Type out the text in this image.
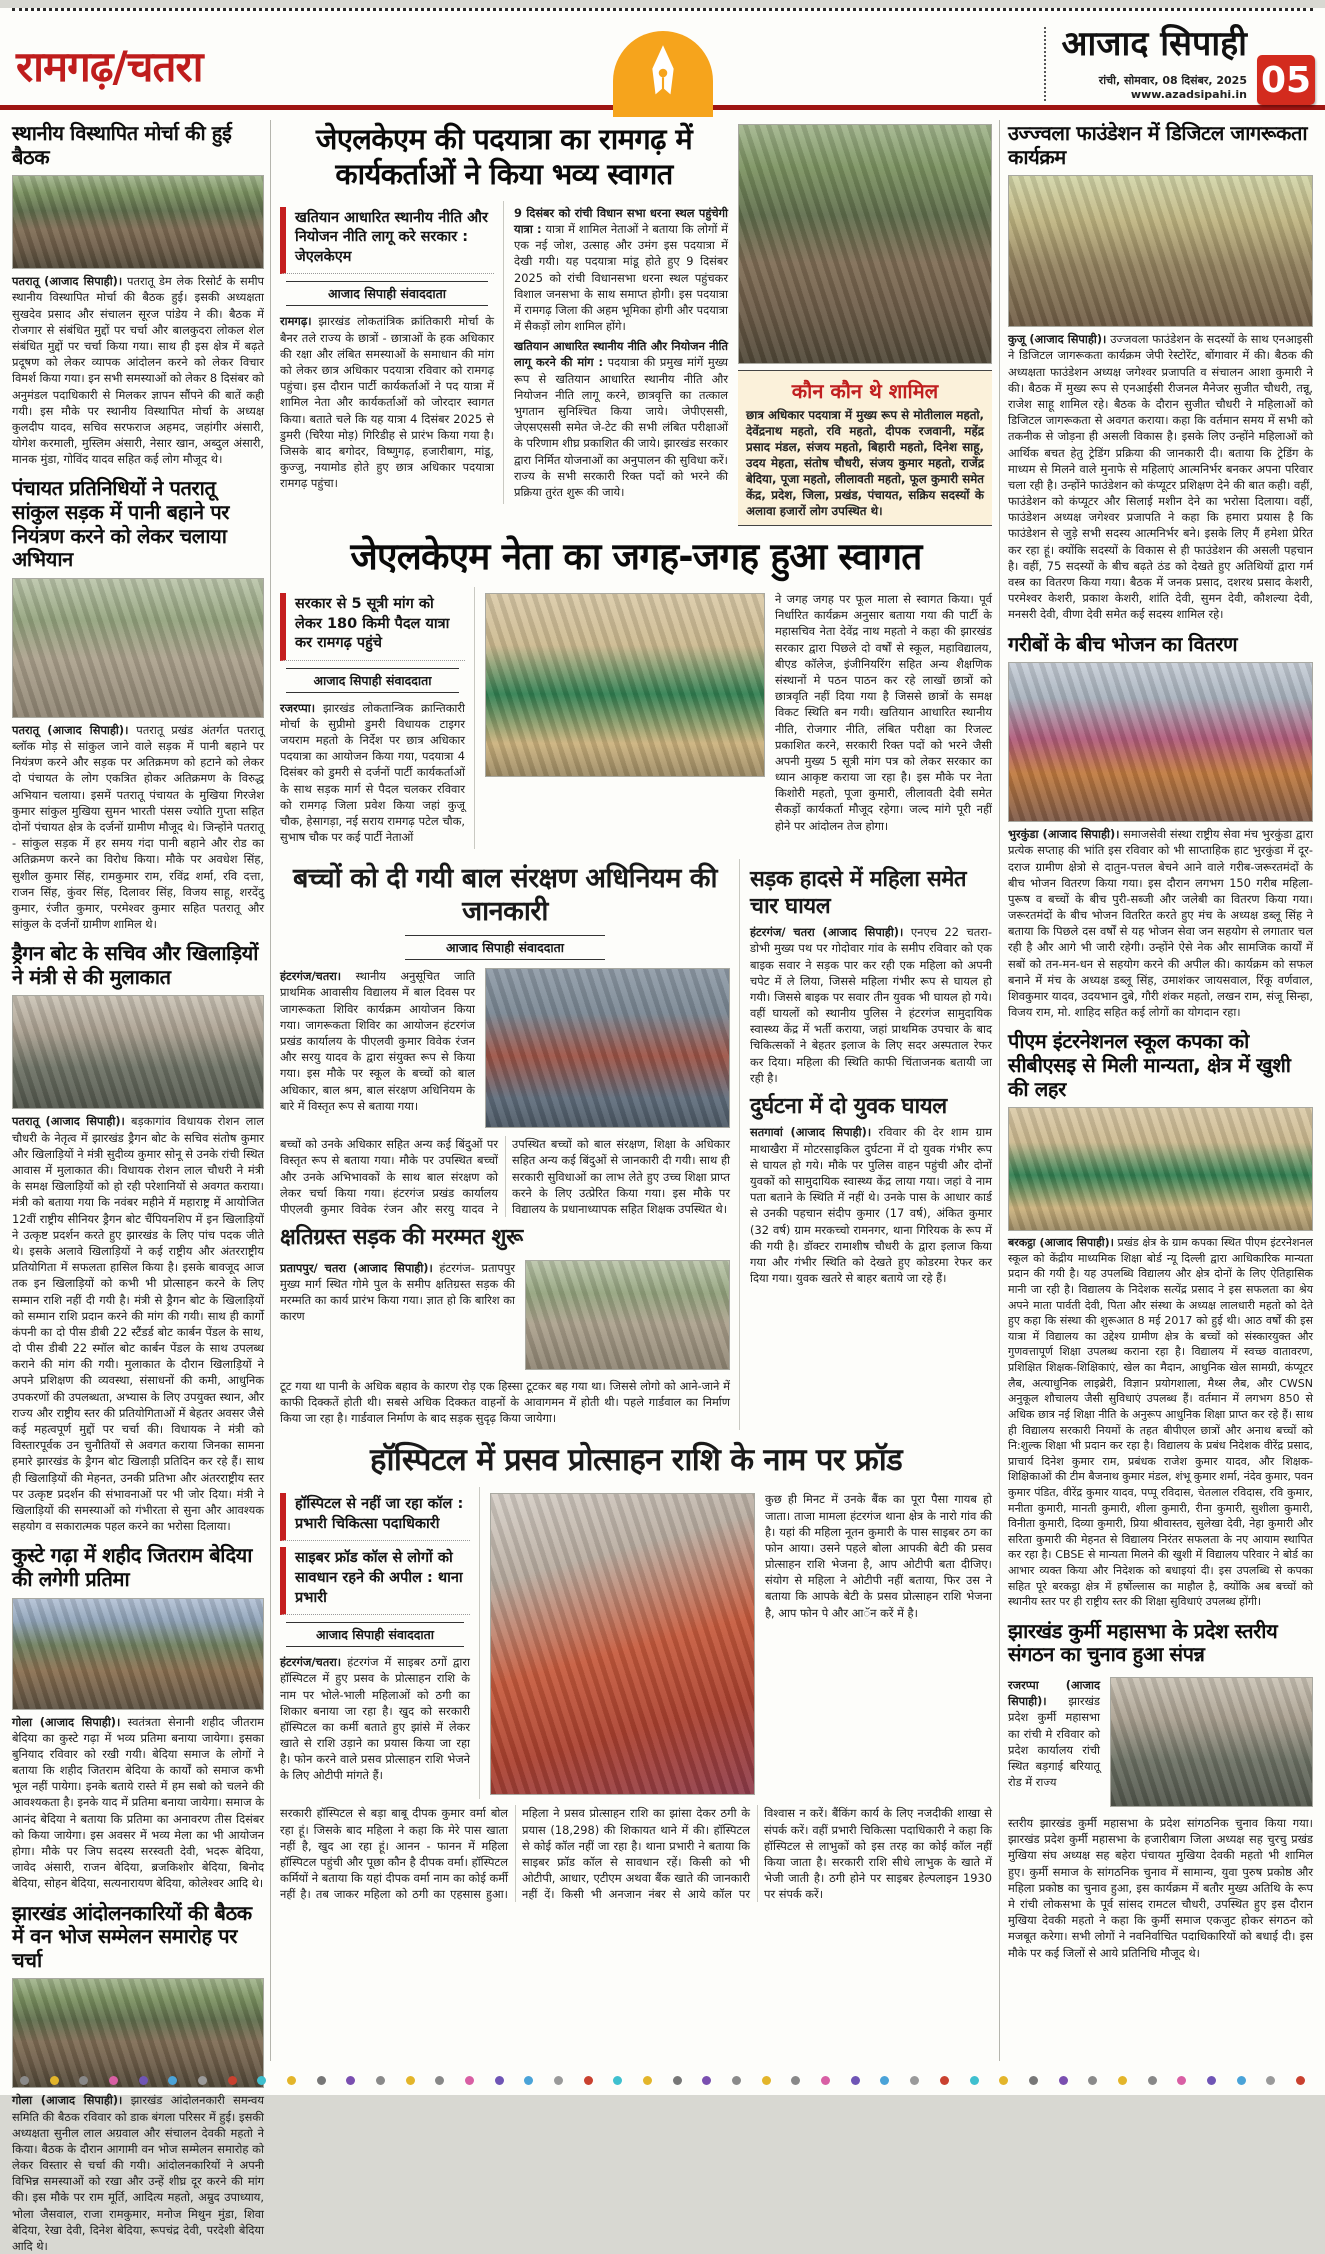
रामगढ़/चतरा	आजाद सिपाही
रांची, सोमवार, 08 दिसंबर, 2025
www.azadsipahi.in 05
स्थानीय विस्थापित मोर्चा की हुई बैठक

पतरातू (आजाद सिपाही)। पतरातू डेम लेक रिसोर्ट के समीप स्थानीय विस्थापित मोर्चा की बैठक हुई। इसकी अध्यक्षता सुखदेव प्रसाद और संचालन सूरज पांडेय ने की। बैठक में रोजगार से संबंधित मुद्दों पर चर्चा और बालकुदरा लोकल शेल संबंधित मुद्दों पर चर्चा किया गया। साथ ही इस क्षेत्र में बढ़ते प्रदूषण को लेकर व्यापक आंदोलन करने को लेकर विचार विमर्श किया गया। इन सभी समस्याओं को लेकर 8 दिसंबर को अनुमंडल पदाधिकारी से मिलकर ज्ञापन सौंपने की बातें कही गयी। इस मौके पर स्थानीय विस्थापित मोर्चा के अध्यक्ष कुलदीप यादव, सचिव सरफराज अहमद, जहांगीर अंसारी, योगेश करमाली, मुस्लिम अंसारी, नेसार खान, अब्दुल अंसारी, मानक मुंडा, गोविंद यादव सहित कई लोग मौजूद थे।

पंचायत प्रतिनिधियों ने पतरातू सांकुल सड़क में पानी बहाने पर नियंत्रण करने को लेकर चलाया अभियान

पतरातू (आजाद सिपाही)। पतरातू प्रखंड अंतर्गत पतरातू ब्लॉक मोड़ से सांकुल जाने वाले सड़क में पानी बहाने पर नियंत्रण करने और सड़क पर अतिक्रमण को हटाने को लेकर दो पंचायत के लोग एकत्रित होकर अतिक्रमण के विरुद्ध अभियान चलाया। इसमें पतरातू पंचायत के मुखिया गिरजेश कुमार सांकुल मुखिया सुमन भारती पंसस ज्योति गुप्ता सहित दोनों पंचायत क्षेत्र के दर्जनों ग्रामीण मौजूद थे। जिन्होंने पतरातू - सांकुल सड़क में हर समय गंदा पानी बहाने और रोड का अतिक्रमण करने का विरोध किया। मौके पर अवधेश सिंह, सुशील कुमार सिंह, रामकुमार राम, रविंद्र शर्मा, रवि दत्ता, राजन सिंह, कुंवर सिंह, दिलावर सिंह, विजय साहू, शरदेंदु कुमार, रंजीत कुमार, परमेश्वर कुमार सहित पतरातू और सांकुल के दर्जनों ग्रामीण शामिल थे।

ड्रैगन बोट के सचिव और खिलाड़ियों ने मंत्री से की मुलाकात

पतरातू (आजाद सिपाही)। बड़कागांव विधायक रोशन लाल चौधरी के नेतृत्व में झारखंड ड्रैगन बोट के सचिव संतोष कुमार और खिलाड़ियों ने मंत्री सुदीव्य कुमार सोनू से उनके रांची स्थित आवास में मुलाकात की। विधायक रोशन लाल चौधरी ने मंत्री के समक्ष खिलाड़ियों को हो रही परेशानियों से अवगत कराया। मंत्री को बताया गया कि नवंबर महीने में महाराष्ट्र में आयोजित 12वीं राष्ट्रीय सीनियर ड्रैगन बोट चैंपियनशिप में इन खिलाड़ियों ने उत्कृष्ट प्रदर्शन करते हुए झारखंड के लिए पांच पदक जीते थे। इसके अलावे खिलाड़ियों ने कई राष्ट्रीय और अंतरराष्ट्रीय प्रतियोगिता में सफलता हासिल किया है। इसके बावजूद आज तक इन खिलाड़ियों को कभी भी प्रोत्साहन करने के लिए सम्मान राशि नहीं दी गयी है। मंत्री से ड्रैगन बोट के खिलाड़ियों को सम्मान राशि प्रदान करने की मांग की गयी। साथ ही कार्गो कंपनी का दो पीस डीबी 22 स्टैंडर्ड बोट कार्बन पेंडल के साथ, दो पीस डीबी 22 स्मॉल बोट कार्बन पेंडल के साथ उपलब्ध कराने की मांग की गयी। मुलाकात के दौरान खिलाड़ियों ने अपने प्रशिक्षण की व्यवस्था, संसाधनों की कमी, आधुनिक उपकरणों की उपलब्धता, अभ्यास के लिए उपयुक्त स्थान, और राज्य और राष्ट्रीय स्तर की प्रतियोगिताओं में बेहतर अवसर जैसे कई महत्वपूर्ण मुद्दों पर चर्चा की। विधायक ने मंत्री को विस्तारपूर्वक उन चुनौतियों से अवगत कराया जिनका सामना हमारे झारखंड के ड्रैगन बोट खिलाड़ी प्रतिदिन कर रहे हैं। साथ ही खिलाड़ियों की मेहनत, उनकी प्रतिभा और अंतरराष्ट्रीय स्तर पर उत्कृष्ट प्रदर्शन की संभावनाओं पर भी जोर दिया। मंत्री ने खिलाड़ियों की समस्याओं को गंभीरता से सुना और आवश्यक सहयोग व सकारात्मक पहल करने का भरोसा दिलाया।

कुस्टे गढ़ा में शहीद जितराम बेदिया की लगेगी प्रतिमा

गोला (आजाद सिपाही)। स्वतंत्रता सेनानी शहीद जीतराम बेदिया का कुस्टे गढ़ा में भव्य प्रतिमा बनाया जायेगा। इसका बुनियाद रविवार को रखी गयी। बेदिया समाज के लोगों ने बताया कि शहीद जितराम बेदिया के कार्यों को समाज कभी भूल नहीं पायेगा। इनके बताये रास्ते में हम सबो को चलने की आवश्यकता है। इनके याद में प्रतिमा बनाया जायेगा। समाज के आनंद बेदिया ने बताया कि प्रतिमा का अनावरण तीस दिसंबर को किया जायेगा। इस अवसर में भव्य मेला का भी आयोजन होगा। मौके पर जिप सदस्य सरस्वती देवी, भदरू बेदिया, जावेद अंसारी, राजन बेदिया, ब्रजकिशोर बेदिया, बिनोद बेदिया, सोहन बेदिया, सत्यनारायण बेदिया, कोलेश्वर आदि थे।

झारखंड आंदोलनकारियों की बैठक में वन भोज सम्मेलन समारोह पर चर्चा

गोला (आजाद सिपाही)। झारखंड आंदोलनकारी समन्वय समिति की बैठक रविवार को डाक बंगला परिसर में हुई। इसकी अध्यक्षता सुनील लाल अग्रवाल और संचालन देवकी महतो ने किया। बैठक के दौरान आगामी वन भोज सम्मेलन समारोह को लेकर विस्तार से चर्चा की गयी। आंदोलनकारियों ने अपनी विभिन्न समस्याओं को रखा और उन्हें शीघ्र दूर करने की मांग की। इस मौके पर राम मूर्ति, आदित्य महतो, अम्रुद उपाध्याय, भोला जैसवाल, राजा रामकुमार, मनोज मिथुन मुंडा, शिवा बेदिया, रेखा देवी, दिनेश बेदिया, रूपचंद्र देवी, परदेशी बेदिया आदि थे।

जेएलकेएम की पदयात्रा का रामगढ़ में कार्यकर्ताओं ने किया भव्य स्वागत
खतियान आधारित स्थानीय नीति और नियोजन नीति लागू करे सरकार : जेएलकेएम
आजाद सिपाही संवाददाता

रामगढ़। झारखंड लोकतांत्रिक क्रांतिकारी मोर्चा के बैनर तले राज्य के छात्रों - छात्राओं के हक अधिकार की रक्षा और लंबित समस्याओं के समाधान की मांग को लेकर छात्र अधिकार पदयात्रा रविवार को रामगढ़ पहुंचा। इस दौरान पार्टी कार्यकर्ताओं ने पद यात्रा में शामिल नेता और कार्यकर्ताओं को जोरदार स्वागत किया। बताते चले कि यह यात्रा 4 दिसंबर 2025 से डुमरी (चिरैया मोड़) गिरिडीह से प्रारंभ किया गया है। जिसके बाद बगोदर, विष्णुगढ़, हजारीबाग, मांडू, कुज्जु, नयामोड होते हुए छात्र अधिकार पदयात्रा रामगढ़ पहुंचा।

9 दिसंबर को रांची विधान सभा धरना स्थल पहुंचेगी यात्रा : यात्रा में शामिल नेताओं ने बताया कि लोगों में एक नई जोश, उत्साह और उमंग इस पदयात्रा में देखी गयी। यह पदयात्रा मांडू होते हुए 9 दिसंबर 2025 को रांची विधानसभा धरना स्थल पहुंचकर विशाल जनसभा के साथ समाप्त होगी। इस पदयात्रा में रामगढ़ जिला की अहम भूमिका होगी और पदयात्रा में सैकड़ों लोग शामिल होंगे।

खतियान आधारित स्थानीय नीति और नियोजन नीति लागू करने की मांग : पदयात्रा की प्रमुख मांगें मुख्य रूप से खतियान आधारित स्थानीय नीति और नियोजन नीति लागू करने, छात्रवृत्ति का तत्काल भुगतान सुनिश्चित किया जाये। जेपीएससी, जेएसएससी समेत जे-टेट की सभी लंबित परीक्षाओं के परिणाम शीघ्र प्रकाशित की जाये। झारखंड सरकार द्वारा निर्मित योजनाओं का अनुपालन की सुविधा करें। राज्य के सभी सरकारी रिक्त पदों को भरने की प्रक्रिया तुरंत शुरू की जाये।

कौन कौन थे शामिल
छात्र अधिकार पदयात्रा में मुख्य रूप से मोतीलाल महतो, देवेंद्रनाथ महतो, रवि महतो, दीपक रजवानी, महेंद्र प्रसाद मंडल, संजय महतो, बिहारी महतो, दिनेश साहू, उदय मेहता, संतोष चौधरी, संजय कुमार महतो, राजेंद्र बेदिया, पूजा महतो, लीलावती महतो, फूल कुमारी समेत केंद्र, प्रदेश, जिला, प्रखंड, पंचायत, सक्रिय सदस्यों के अलावा हजारों लोग उपस्थित थे।
जेएलकेएम नेता का जगह-जगह हुआ स्वागत
सरकार से 5 सूत्री मांग को लेकर 180 किमी पैदल यात्रा कर रामगढ़ पहुंचे
आजाद सिपाही संवाददाता

रजरप्पा। झारखंड लोकतान्त्रिक क्रान्तिकारी मोर्चा के सुप्रीमो डुमरी विधायक टाइगर जयराम महतो के निर्देश पर छात्र अधिकार पदयात्रा का आयोजन किया गया, पदयात्रा 4 दिसंबर को डुमरी से दर्जनों पार्टी कार्यकर्ताओं के साथ सड़क मार्ग से पैदल चलकर रविवार को रामगढ़ जिला प्रवेश किया जहां कुजू चौक, हेसागड़ा, नई सराय रामगढ़ पटेल चौक, सुभाष चौक पर कई पार्टी नेताओं

ने जगह जगह पर फूल माला से स्वागत किया। पूर्व निर्धारित कार्यक्रम अनुसार बताया गया की पार्टी के महासचिव नेता देवेंद्र नाथ महतो ने कहा की झारखंड सरकार द्वारा पिछले दो वर्षों से स्कूल, महाविद्यालय, बीएड कॉलेज, इंजीनियरिंग सहित अन्य शैक्षणिक संस्थानों मे पठन पाठन कर रहे लाखों छात्रों को छात्रवृति नहीं दिया गया है जिससे छात्रों के समक्ष विकट स्थिति बन गयी। खतियान आधारित स्थानीय नीति, रोजगार नीति, लंबित परीक्षा का रिजल्ट प्रकाशित करने, सरकारी रिक्त पदों को भरने जैसी अपनी मुख्य 5 सूत्री मांग पत्र को लेकर सरकार का ध्यान आकृष्ट कराया जा रहा है। इस मौके पर नेता किशोरी महतो, पूजा कुमारी, लीलावती देवी समेत सैकड़ों कार्यकर्ता मौजूद रहेगा। जल्द मांगे पूरी नहीं होने पर आंदोलन तेज होगा।

बच्चों को दी गयी बाल संरक्षण अधिनियम की जानकारी
आजाद सिपाही संवाददाता

हंटरगंज/चतरा। स्थानीय अनुसूचित जाति प्राथमिक आवासीय विद्यालय में बाल दिवस पर जागरूकता शिविर कार्यक्रम आयोजन किया गया। जागरूकता शिविर का आयोजन हंटरगंज प्रखंड कार्यालय के पीएलवी कुमार विवेक रंजन और सरयु यादव के द्वारा संयुक्त रूप से किया गया। इस मौके पर स्कूल के बच्चों को बाल अधिकार, बाल श्रम, बाल संरक्षण अधिनियम के बारे में विस्तृत रूप से बताया गया।

बच्चों को उनके अधिकार सहित अन्य कई बिंदुओं पर विस्तृत रूप से बताया गया। मौके पर उपस्थित बच्चों और उनके अभिभावकों के साथ बाल संरक्षण को लेकर चर्चा किया गया। हंटरगंज प्रखंड कार्यालय पीएलवी कुमार विवेक रंजन और सरयु यादव ने उपस्थित बच्चों को बाल संरक्षण, शिक्षा के अधिकार सहित अन्य कई बिंदुओं से जानकारी दी गयी। साथ ही सरकारी सुविधाओं का लाभ लेते हुए उच्च शिक्षा प्राप्त करने के लिए उत्प्रेरित किया गया। इस मौके पर विद्यालय के प्रधानाध्यापक सहित शिक्षक उपस्थित थे।
क्षतिग्रस्त सड़क की मरम्मत शुरू

प्रतापपुर/ चतरा (आजाद सिपाही)। हंटरगंज- प्रतापपुर मुख्य मार्ग स्थित गोमे पुल के समीप क्षतिग्रस्त सड़क की मरम्मति का कार्य प्रारंभ किया गया। ज्ञात हो कि बारिश का कारण

टूट गया था पानी के अधिक बहाव के कारण रोड़ एक हिस्सा टूटकर बह गया था। जिससे लोगो को आने-जाने में काफी दिक्कतें होती थी। सबसे अधिक दिक्कत वाहनों के आवागमन में होती थी। पहले गार्डवाल का निर्माण किया जा रहा है। गार्डवाल निर्माण के बाद सड़क सुदृढ़ किया जायेगा।

सड़क हादसे में महिला समेत चार घायल

हंटरगंज/ चतरा (आजाद सिपाही)। एनएच 22 चतरा- डोभी मुख्य पथ पर गोदोवार गांव के समीप रविवार को एक बाइक सवार ने सड़क पार कर रही एक महिला को अपनी चपेट में ले लिया, जिससे महिला गंभीर रूप से घायल हो गयी। जिससे बाइक पर सवार तीन युवक भी घायल हो गये। वहीं घायलों को स्थानीय पुलिस ने हंटरगंज सामुदायिक स्वास्थ्य केंद्र में भर्ती कराया, जहां प्राथमिक उपचार के बाद चिकित्सकों ने बेहतर इलाज के लिए सदर अस्पताल रेफर कर दिया। महिला की स्थिति काफी चिंताजनक बतायी जा रही है।

दुर्घटना में दो युवक घायल

सतगावां (आजाद सिपाही)। रविवार की देर शाम ग्राम माथाखैरा में मोटरसाइकिल दुर्घटना में दो युवक गंभीर रूप से घायल हो गये। मौके पर पुलिस वाहन पहुंची और दोनों युवकों को सामुदायिक स्वास्थ्य केंद्र लाया गया। जहां वे नाम पता बताने के स्थिति में नहीं थे। उनके पास के आधार कार्ड से उनकी पहचान संदीप कुमार (17 वर्ष), अंकित कुमार (32 वर्ष) ग्राम मरकच्चो रामनगर, थाना गिरियक के रूप में की गयी है। डॉक्टर रामाशीष चौधरी के द्वारा इलाज किया गया और गंभीर स्थिति को देखते हुए कोडरमा रेफर कर दिया गया। युवक खतरे से बाहर बताये जा रहे हैं।

हॉस्पिटल में प्रसव प्रोत्साहन राशि के नाम पर फ्रॉड
हॉस्पिटल से नहीं जा रहा कॉल : प्रभारी चिकित्सा पदाधिकारी
साइबर फ्रॉड कॉल से लोगों को सावधान रहने की अपील : थाना प्रभारी
आजाद सिपाही संवाददाता

हंटरगंज/चतरा। हंटरगंज में साइबर ठगों द्वारा हॉस्पिटल में हुए प्रसव के प्रोत्साहन राशि के नाम पर भोले-भाली महिलाओं को ठगी का शिकार बनाया जा रहा है। खुद को सरकारी हॉस्पिटल का कर्मी बताते हुए झांसे में लेकर खाते से राशि उड़ाने का प्रयास किया जा रहा है। फोन करने वाले प्रसव प्रोत्साहन राशि भेजने के लिए ओटीपी मांगते हैं।

कुछ ही मिनट में उनके बैंक का पूरा पैसा गायब हो जाता। ताजा मामला हंटरगंज थाना क्षेत्र के नारो गांव की है। यहां की महिला नूतन कुमारी के पास साइबर ठग का फोन आया। उसने पहले बोला आपकी बेटी की प्रसव प्रोत्साहन राशि भेजना है, आप ओटीपी बता दीजिए। संयोग से महिला ने ओटीपी नहीं बताया, फिर उस ने बताया कि आपके बेटी के प्रसव प्रोत्साहन राशि भेजना है, आप फोन पे और आॅन करें में है।

सरकारी हॉस्पिटल से बड़ा बाबू दीपक कुमार वर्मा बोल रहा हूं। जिसके बाद महिला ने कहा कि मेरे पास खाता नहीं है, खुद आ रहा हूं। आनन - फानन में महिला हॉस्पिटल पहुंची और पूछा कौन है दीपक वर्मा। हॉस्पिटल कर्मियों ने बताया कि यहां दीपक वर्मा नाम का कोई कर्मी नहीं है। तब जाकर महिला को ठगी का एहसास हुआ। महिला ने प्रसव प्रोत्साहन राशि का झांसा देकर ठगी के प्रयास (18,298) की शिकायत थाने में की। हॉस्पिटल से कोई कॉल नहीं जा रहा है। थाना प्रभारी ने बताया कि साइबर फ्रॉड कॉल से सावधान रहें। किसी को भी ओटीपी, आधार, एटीएम अथवा बैंक खाते की जानकारी नहीं दें। किसी भी अनजान नंबर से आये कॉल पर विश्वास न करें। बैंकिंग कार्य के लिए नजदीकी शाखा से संपर्क करें। वहीं प्रभारी चिकित्सा पदाधिकारी ने कहा कि हॉस्पिटल से लाभुकों को इस तरह का कोई कॉल नहीं किया जाता है। सरकारी राशि सीधे लाभुक के खाते में भेजी जाती है। ठगी होने पर साइबर हेल्पलाइन 1930 पर संपर्क करें।
उज्ज्वला फाउंडेशन में डिजिटल जागरूकता कार्यक्रम

कुजू (आजाद सिपाही)। उज्जवला फाउंडेशन के सदस्यों के साथ एनआइसी ने डिजिटल जागरूकता कार्यक्रम जेपी रेस्टोरेंट, बोंगावार में की। बैठक की अध्यक्षता फाउंडेशन अध्यक्ष जगेश्वर प्रजापति व संचालन आशा कुमारी ने की। बैठक में मुख्य रूप से एनआईसी रीजनल मैनेजर सुजीत चौधरी, तन्नू, राजेश साहू शामिल रहे। बैठक के दौरान सुजीत चौधरी ने महिलाओं को डिजिटल जागरूकता से अवगत कराया। कहा कि वर्तमान समय में सभी को तकनीक से जोड़ना ही असली विकास है। इसके लिए उन्होंने महिलाओं को आर्थिक बचत हेतु ट्रेडिंग प्रक्रिया की जानकारी दी। बताया कि ट्रेडिंग के माध्यम से मिलने वाले मुनाफे से महिलाएं आत्मनिर्भर बनकर अपना परिवार चला रही है। उन्होंने फाउंडेशन को कंप्यूटर प्रशिक्षण देने की बात कही। वहीं, फाउंडेशन को कंप्यूटर और सिलाई मशीन देने का भरोसा दिलाया। वहीं, फाउंडेशन अध्यक्ष जगेश्वर प्रजापति ने कहा कि हमारा प्रयास है कि फाउंडेशन से जुड़े सभी सदस्य आत्मनिर्भर बने। इसके लिए मैं हमेशा प्रेरित कर रहा हूं। क्योंकि सदस्यों के विकास से ही फाउंडेशन की असली पहचान है। वहीं, 75 सदस्यों के बीच बढ़ते ठंड को देखते हुए अतिथियों द्वारा गर्म वस्त्र का वितरण किया गया। बैठक में जनक प्रसाद, दशरथ प्रसाद केशरी, परमेश्वर केशरी, प्रकाश केशरी, शांति देवी, सुमन देवी, कौशल्या देवी, मनसरी देवी, वीणा देवी समेत कई सदस्य शामिल रहे।

गरीबों के बीच भोजन का वितरण

भुरकुंडा (आजाद सिपाही)। समाजसेवी संस्था राष्ट्रीय सेवा मंच भुरकुंडा द्वारा प्रत्येक सप्ताह की भांति इस रविवार को भी साप्ताहिक हाट भुरकुंडा में दूर-दराज ग्रामीण क्षेत्रो से दातुन-पत्तल बेचने आने वाले गरीब-जरूरतमंदों के बीच भोजन वितरण किया गया। इस दौरान लगभग 150 गरीब महिला-पुरूष व बच्चों के बीच पुरी-सब्जी और जलेबी का वितरण किया गया। जरूरतमंदों के बीच भोजन वितरित करते हुए मंच के अध्यक्ष डब्लू सिंह ने बताया कि पिछले दस वर्षों से यह भोजन सेवा जन सहयोग से लगातार चल रही है और आगे भी जारी रहेगी। उन्होंने ऐसे नेक और सामजिक कार्यों में सबों को तन-मन-धन से सहयोग करने की अपील की। कार्यक्रम को सफल बनाने में मंच के अध्यक्ष डब्लू सिंह, उमाशंकर जायसवाल, रिंकू वर्णवाल, शिवकुमार यादव, उदयभान दुबे, गौरी शंकर महतो, लखन राम, संजू सिन्हा, विजय राम, मो. शाहिद सहित कई लोगों का योगदान रहा।

पीएम इंटरनेशनल स्कूल कपका को सीबीएसइ से मिली मान्यता, क्षेत्र में खुशी की लहर

बरकट्ठा (आजाद सिपाही)। प्रखंड क्षेत्र के ग्राम कपका स्थित पीएम इंटरनेशनल स्कूल को केंद्रीय माध्यमिक शिक्षा बोर्ड न्यू दिल्ली द्वारा आधिकारिक मान्यता प्रदान की गयी है। यह उपलब्धि विद्यालय और क्षेत्र दोनों के लिए ऐतिहासिक मानी जा रही है। विद्यालय के निदेशक सत्येंद्र प्रसाद ने इस सफलता का श्रेय अपने माता पार्वती देवी, पिता और संस्था के अध्यक्ष लालधारी महतो को देते हुए कहा कि संस्था की शुरूआत 8 मई 2017 को हुई थी। आठ वर्षों की इस यात्रा में विद्यालय का उद्देश्य ग्रामीण क्षेत्र के बच्चों को संस्कारयुक्त और गुणवत्तापूर्ण शिक्षा उपलब्ध कराना रहा है। विद्यालय में स्वच्छ वातावरण, प्रशिक्षित शिक्षक-शिक्षिकाएं, खेल का मैदान, आधुनिक खेल सामग्री, कंप्यूटर लैब, अत्याधुनिक लाइब्रेरी, विज्ञान प्रयोगशाला, मैथ्स लैब, और CWSN अनुकूल शौचालय जैसी सुविधाएं उपलब्ध हैं। वर्तमान में लगभग 850 से अधिक छात्र नई शिक्षा नीति के अनुरूप आधुनिक शिक्षा प्राप्त कर रहे हैं। साथ ही विद्यालय सरकारी नियमों के तहत बीपीएल छात्रों और अनाथ बच्चों को नि:शुल्क शिक्षा भी प्रदान कर रहा है। विद्यालय के प्रबंध निदेशक वीरेंद्र प्रसाद, प्राचार्य दिनेश कुमार राम, प्रबंधक राजेश कुमार यादव, और शिक्षक-शिक्षिकाओं की टीम बैजनाथ कुमार मंडल, शंभू कुमार शर्मा, नंदेव कुमार, पवन कुमार पंडित, वीरेंद्र कुमार यादव, पप्पू रविदास, चेतलाल रविदास, रवि कुमार, मनीता कुमारी, मानती कुमारी, शीला कुमारी, रीना कुमारी, सुशीला कुमारी, विनीता कुमारी, दिव्या कुमारी, प्रिया श्रीवास्तव, सुलेखा देवी, नेहा कुमारी और सरिता कुमारी की मेहनत से विद्यालय निरंतर सफलता के नए आयाम स्थापित कर रहा है। CBSE से मान्यता मिलने की खुशी में विद्यालय परिवार ने बोर्ड का आभार व्यक्त किया और निदेशक को बधाइयां दी। इस उपलब्धि से कपका सहित पूरे बरकट्ठा क्षेत्र में हर्षोल्लास का माहौल है, क्योंकि अब बच्चों को स्थानीय स्तर पर ही राष्ट्रीय स्तर की शिक्षा सुविधाएं उपलब्ध होंगी।

झारखंड कुर्मी महासभा के प्रदेश स्तरीय संगठन का चुनाव हुआ संपन्न

रजरप्पा (आजाद सिपाही)। झारखंड प्रदेश कुर्मी महासभा का रांची मे रविवार को प्रदेश कार्यालय रांची स्थित बड़गाई बरियातू रोड में राज्य

स्तरीय झारखंड कुर्मी महासभा के प्रदेश सांगठनिक चुनाव किया गया। झारखंड प्रदेश कुर्मी महासभा के हजारीबाग जिला अध्यक्ष सह चुरचु प्रखंड मुखिया संघ अध्यक्ष सह बहेरा पंचायत मुखिया देवकी महतो भी शामिल हुए। कुर्मी समाज के सांगठनिक चुनाव में सामान्य, युवा पुरुष प्रकोष्ठ और महिला प्रकोष्ठ का चुनाव हुआ, इस कार्यक्रम में बतौर मुख्य अतिथि के रूप मे रांची लोकसभा के पूर्व सांसद रामटल चौधरी, उपस्थित हुए इस दौरान मुखिया देवकी महतो ने कहा कि कुर्मी समाज एकजुट होकर संगठन को मजबूत करेगा। सभी लोगों ने नवनिर्वाचित पदाधिकारियों को बधाई दी। इस मौके पर कई जिलों से आये प्रतिनिधि मौजूद थे।
